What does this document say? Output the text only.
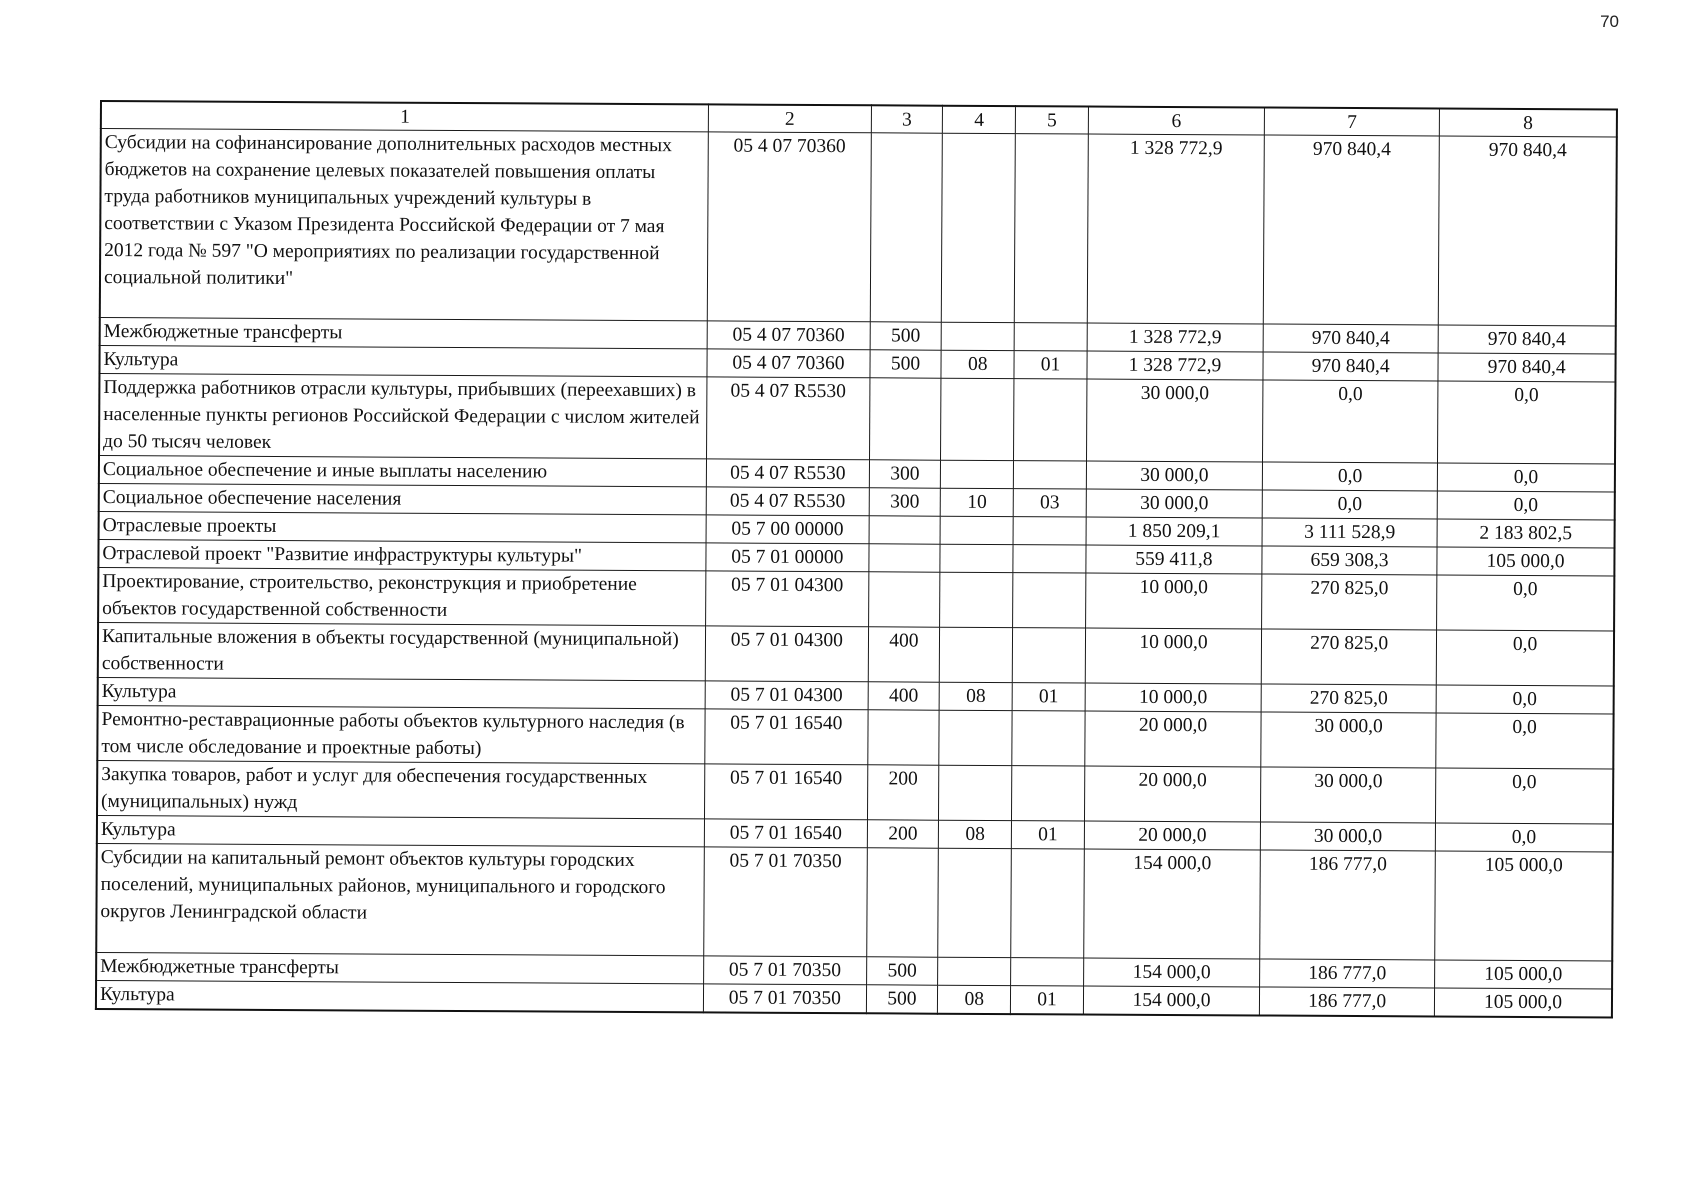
70
1	2	3	4	5	6	7	8
Субсидии на софинансирование дополнительных расходов местных бюджетов на сохранение целевых показателей повышения оплаты труда работников муниципальных учреждений культуры в соответствии с Указом Президента Российской Федерации от 7 мая 2012 года № 597 "О мероприятиях по реализации государственной социальной политики"	05 4 07 70360				1 328 772,9	970 840,4	970 840,4
Межбюджетные трансферты	05 4 07 70360	500			1 328 772,9	970 840,4	970 840,4
Культура	05 4 07 70360	500	08	01	1 328 772,9	970 840,4	970 840,4
Поддержка работников отрасли культуры, прибывших (переехавших) в населенные пункты регионов Российской Федерации с числом жителей до 50 тысяч человек	05 4 07 R5530				30 000,0	0,0	0,0
Социальное обеспечение и иные выплаты населению	05 4 07 R5530	300			30 000,0	0,0	0,0
Социальное обеспечение населения	05 4 07 R5530	300	10	03	30 000,0	0,0	0,0
Отраслевые проекты	05 7 00 00000				1 850 209,1	3 111 528,9	2 183 802,5
Отраслевой проект "Развитие инфраструктуры культуры"	05 7 01 00000				559 411,8	659 308,3	105 000,0
Проектирование, строительство, реконструкция и приобретение объектов государственной собственности	05 7 01 04300				10 000,0	270 825,0	0,0
Капитальные вложения в объекты государственной (муниципальной) собственности	05 7 01 04300	400			10 000,0	270 825,0	0,0
Культура	05 7 01 04300	400	08	01	10 000,0	270 825,0	0,0
Ремонтно-реставрационные работы объектов культурного наследия (в том числе обследование и проектные работы)	05 7 01 16540				20 000,0	30 000,0	0,0
Закупка товаров, работ и услуг для обеспечения государственных (муниципальных) нужд	05 7 01 16540	200			20 000,0	30 000,0	0,0
Культура	05 7 01 16540	200	08	01	20 000,0	30 000,0	0,0
Субсидии на капитальный ремонт объектов культуры городских поселений, муниципальных районов, муниципального и городского округов Ленинградской области	05 7 01 70350				154 000,0	186 777,0	105 000,0
Межбюджетные трансферты	05 7 01 70350	500			154 000,0	186 777,0	105 000,0
Культура	05 7 01 70350	500	08	01	154 000,0	186 777,0	105 000,0
